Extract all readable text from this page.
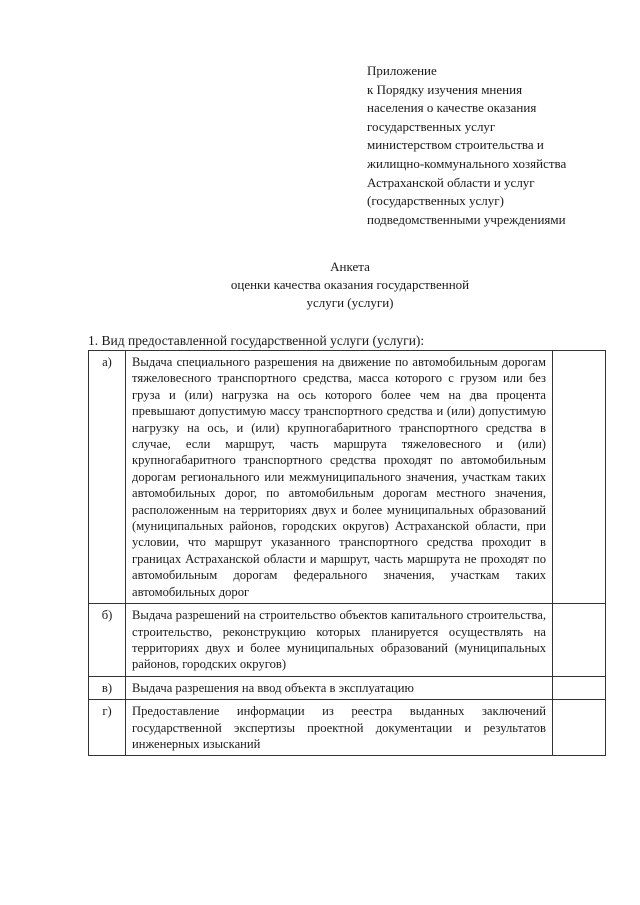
Приложение
к Порядку изучения мнения
населения о качестве оказания
государственных услуг
министерством строительства и
жилищно-коммунального хозяйства
Астраханской области и услуг
(государственных услуг)
подведомственными учреждениями
Анкета
оценки качества оказания государственной
услуги (услуги)
1. Вид предоставленной государственной услуги (услуги):
а)	Выдача специального разрешения на движение по автомобильным дорогам тяжеловесного транспортного средства, масса которого с грузом или без груза и (или) нагрузка на ось которого более чем на два процента превышают допустимую массу транспортного средства и (или) допустимую нагрузку на ось, и (или) крупногабаритного транспортного средства в случае, если маршрут, часть маршрута тяжеловесного и (или) крупногабаритного транспортного средства проходят по автомобильным дорогам регионального или межмуниципального значения, участкам таких автомобильных дорог, по автомобильным дорогам местного значения, расположенным на территориях двух и более муниципальных образований (муниципальных районов, городских округов) Астраханской области, при условии, что маршрут указанного транспортного средства проходит в границах Астраханской области и маршрут, часть маршрута не проходят по автомобильным дорогам федерального значения, участкам таких автомобильных дорог	
б)	Выдача разрешений на строительство объектов капитального строительства, строительство, реконструкцию которых планируется осуществлять на территориях двух и более муниципальных образований (муниципальных районов, городских округов)	
в)	Выдача разрешения на ввод объекта в эксплуатацию	
г)	Предоставление информации из реестра выданных заключений государственной экспертизы проектной документации и результатов инженерных изысканий	
